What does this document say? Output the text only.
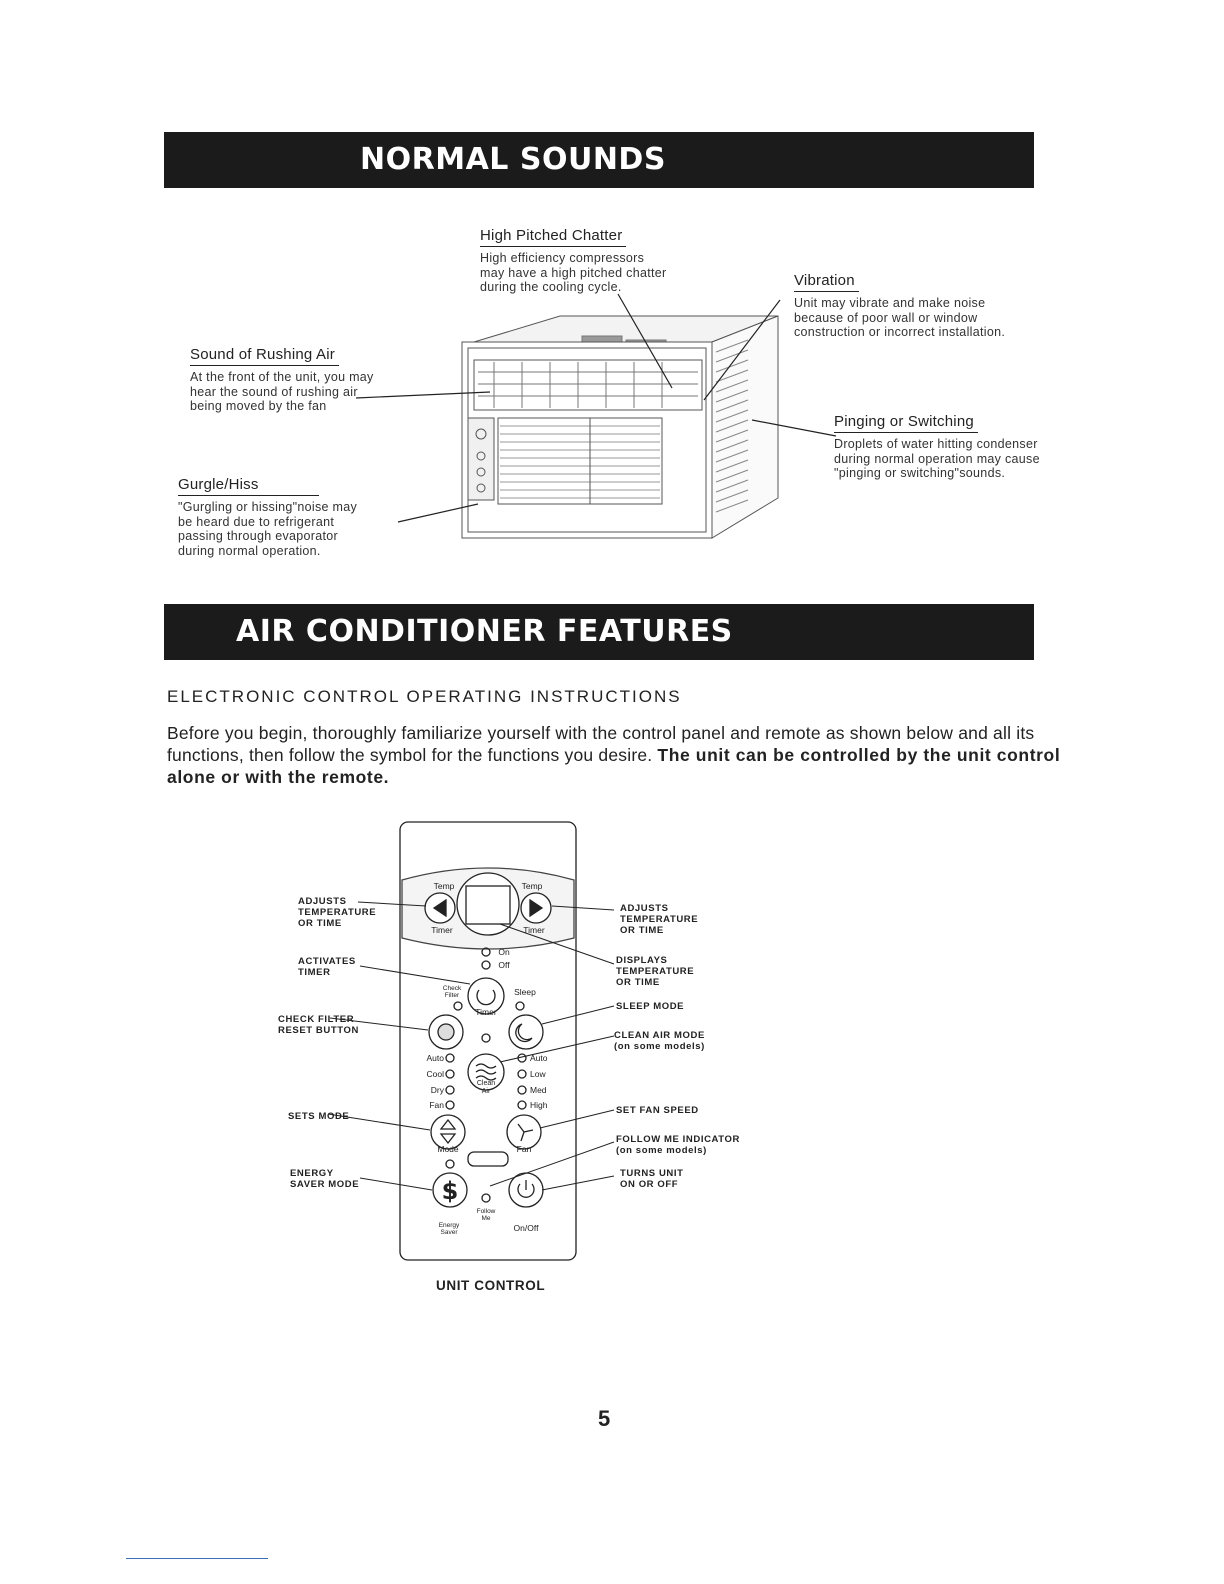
NORMAL SOUNDS
High Pitched Chatter
High efficiency compressors
may have a high pitched chatter
during the cooling cycle.	Vibration
Unit may vibrate and make noise
because of poor wall or window
construction or incorrect installation.
Sound of Rushing Air
At the front of the unit, you may
hear the sound of rushing air
being moved by the fan
Pinging or Switching
Droplets of water hitting condenser
during normal operation may cause
"pinging or switching"sounds.
Gurgle/Hiss
"Gurgling or hissing"noise may
be heard due to refrigerant
passing through evaporator
during normal operation.
AIR CONDITIONER FEATURES
ELECTRONIC CONTROL OPERATING INSTRUCTIONS
Before you begin, thoroughly familiarize yourself with the control panel and remote as shown below and all its functions, then follow the symbol for the functions you desire. The unit can be controlled by the unit control alone or with the remote.
$
Temp
Timer
Temp
Timer
On
Off
Check
Filter
Timer
Sleep
Clean
Air
Auto
Cool
Dry
Fan
Auto
Low
Med
High
Mode	Fan
Follow
Me
Energy
Saver	On/Off
ADJUSTS
TEMPERATURE
OR TIME
ACTIVATES
TIMER
CHECK FILTER
RESET BUTTON
SETS MODE
ENERGY
SAVER MODE
ADJUSTS
TEMPERATURE
OR TIME
DISPLAYS
TEMPERATURE
OR TIME
SLEEP MODE
CLEAN AIR MODE
(on some models)
SET FAN SPEED
FOLLOW ME INDICATOR
(on some models)
TURNS UNIT
ON OR OFF
UNIT CONTROL
5
